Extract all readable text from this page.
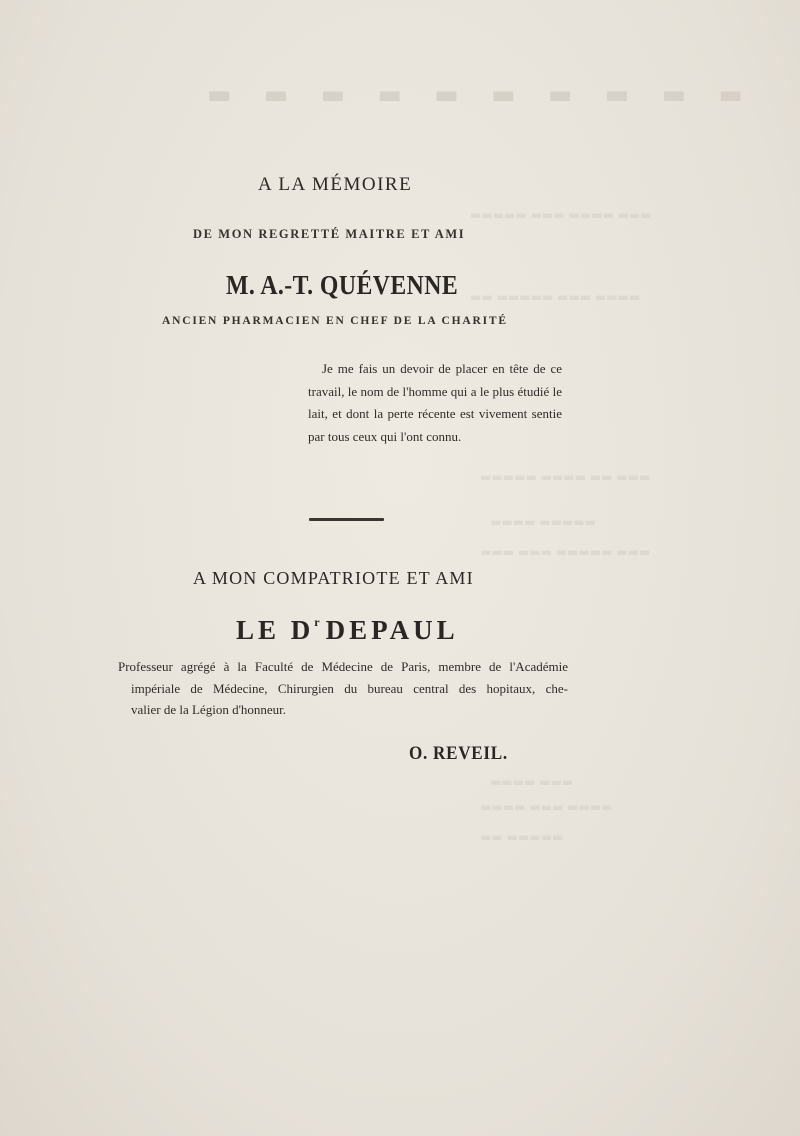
▬ ▬ ▬ ▬ ▬ ▬ ▬ ▬ ▬ ▬
▬▬▬ ▬▬▬▬ ▬▬▬ ▬▬▬▬▬
▬▬▬▬ ▬▬▬ ▬▬▬▬▬ ▬▬
▬▬▬ ▬▬ ▬▬▬▬ ▬▬▬▬▬
▬▬▬▬▬ ▬▬▬▬
▬▬▬ ▬▬▬▬▬ ▬▬▬ ▬▬▬
▬▬▬ ▬▬▬▬
▬▬▬▬ ▬▬▬ ▬▬▬▬
▬▬▬▬▬ ▬▬
A LA MÉMOIRE
DE MON REGRETTÉ MAITRE ET AMI
M. A.-T. QUÉVENNE
ANCIEN PHARMACIEN EN CHEF DE LA CHARITÉ
Je me fais un devoir de placer en tête de ce travail, le nom de l'homme qui a le plus étudié le lait, et dont la perte récente est vivement sentie par tous ceux qui l'ont connu.
A MON COMPATRIOTE ET AMI
LE $D^r$ DEPAUL
Professeur agrégé à la Faculté de Médecine de Paris, membre de l'Académie
impériale de Médecine, Chirurgien du bureau central des hopitaux, che-
valier de la Légion d'honneur.
O. REVEIL.
